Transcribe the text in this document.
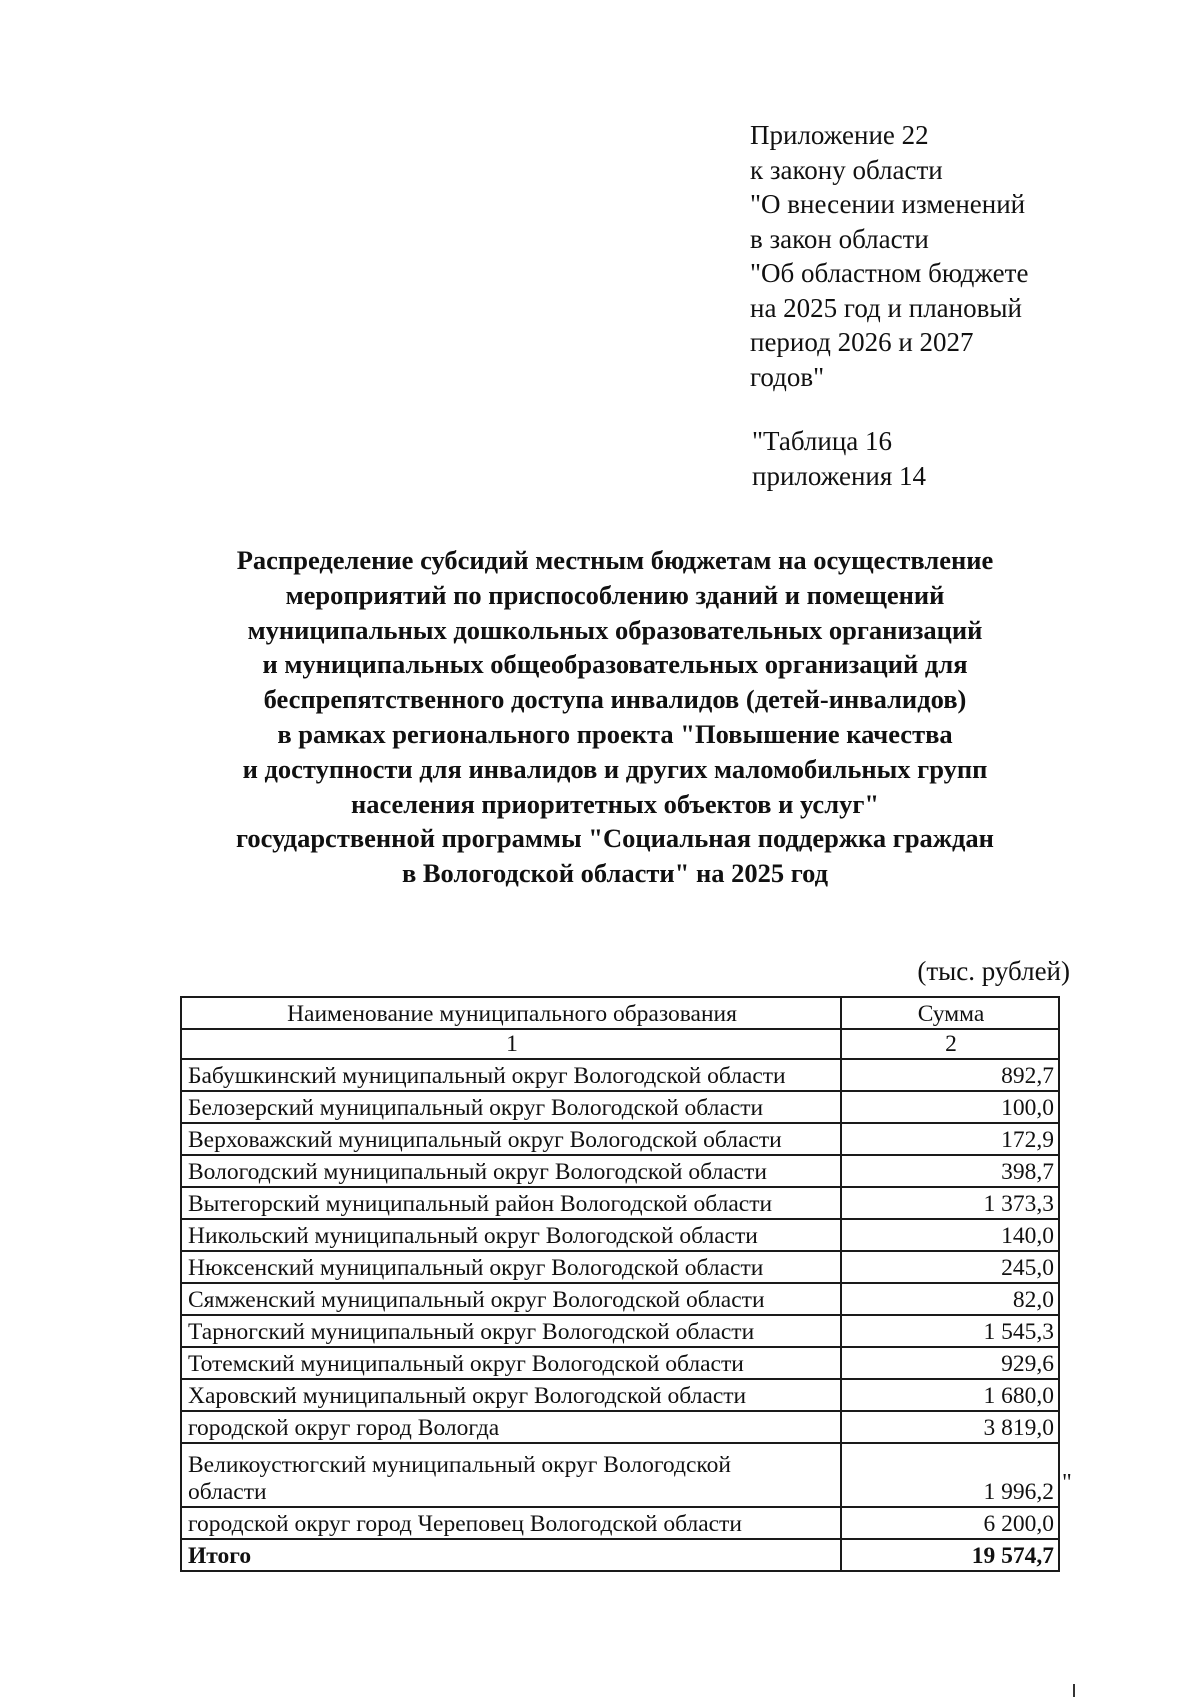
Приложение 22
к закону области
"О внесении изменений
в закон области
"Об областном бюджете
на 2025 год и плановый
период 2026 и 2027
годов"
"Таблица 16
приложения 14
Распределение субсидий местным бюджетам на осуществление
мероприятий по приспособлению зданий и помещений
муниципальных дошкольных образовательных организаций
и муниципальных общеобразовательных организаций для
беспрепятственного доступа инвалидов (детей-инвалидов)
в рамках регионального проекта "Повышение качества
и доступности для инвалидов и других маломобильных групп
населения приоритетных объектов и услуг"
государственной программы "Социальная поддержка граждан
в Вологодской области" на 2025 год
(тыс. рублей)
Наименование муниципального образования	Сумма
1	2
Бабушкинский муниципальный округ Вологодской области	892,7
Белозерский муниципальный округ Вологодской области	100,0
Верховажский муниципальный округ Вологодской области	172,9
Вологодский муниципальный округ Вологодской области	398,7
Вытегорский муниципальный район Вологодской области	1 373,3
Никольский муниципальный округ Вологодской области	140,0
Нюксенский муниципальный округ Вологодской области	245,0
Сямженский муниципальный округ Вологодской области	82,0
Тарногский муниципальный округ Вологодской области	1 545,3
Тотемский муниципальный округ Вологодской области	929,6
Харовский муниципальный округ Вологодской области	1 680,0
городской округ город Вологда	3 819,0
Великоустюгский муниципальный округ Вологодской области	1 996,2
городской округ город Череповец Вологодской области	6 200,0
Итого	19 574,7
"
